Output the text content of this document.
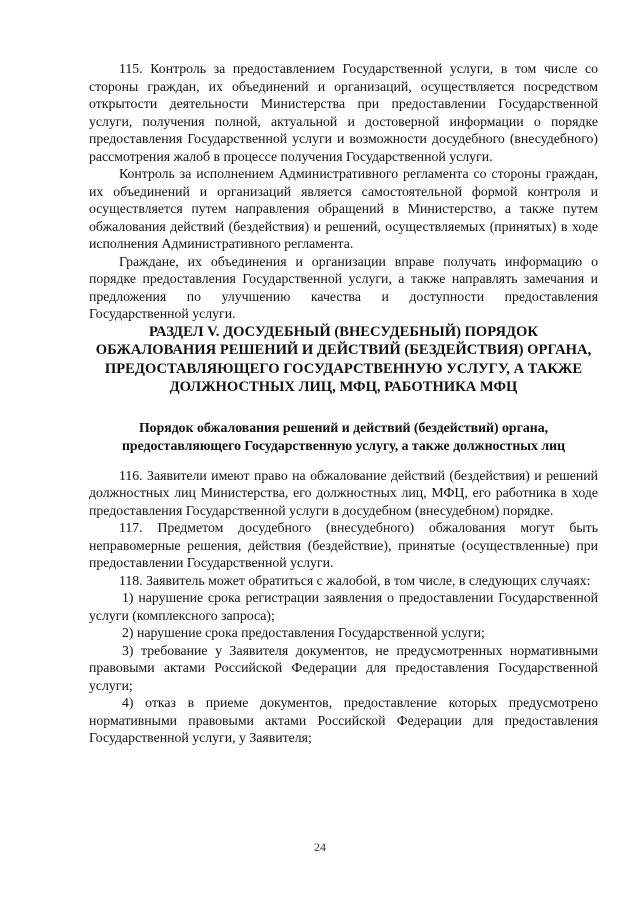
115. Контроль за предоставлением Государственной услуги, в том числе со стороны граждан, их объединений и организаций, осуществляется посредством открытости деятельности Министерства при предоставлении Государственной услуги, получения полной, актуальной и достоверной информации о порядке предоставления Государственной услуги и возможности досудебного (внесудебного) рассмотрения жалоб в процессе получения Государственной услуги.

Контроль за исполнением Административного регламента со стороны граждан, их объединений и организаций является самостоятельной формой контроля и осуществляется путем направления обращений в Министерство, а также путем обжалования действий (бездействия) и решений, осуществляемых (принятых) в ходе исполнения Административного регламента.

Граждане, их объединения и организации вправе получать информацию о порядке предоставления Государственной услуги, а также направлять замечания и предложения по улучшению качества и доступности предоставления Государственной услуги.

РАЗДЕЛ V. ДОСУДЕБНЫЙ (ВНЕСУДЕБНЫЙ) ПОРЯДОК ОБЖАЛОВАНИЯ РЕШЕНИЙ И ДЕЙСТВИЙ (БЕЗДЕЙСТВИЯ) ОРГАНА, ПРЕДОСТАВЛЯЮЩЕГО ГОСУДАРСТВЕННУЮ УСЛУГУ, А ТАКЖЕ ДОЛЖНОСТНЫХ ЛИЦ, МФЦ, РАБОТНИКА МФЦ
Порядок обжалования решений и действий (бездействий) органа, предоставляющего Государственную услугу, а также должностных лиц

116. Заявители имеют право на обжалование действий (бездействия) и решений должностных лиц Министерства, его должностных лиц, МФЦ, его работника в ходе предоставления Государственной услуги в досудебном (внесудебном) порядке.

117. Предметом досудебного (внесудебного) обжалования могут быть неправомерные решения, действия (бездействие), принятые (осуществленные) при предоставлении Государственной услуги.

118. Заявитель может обратиться с жалобой, в том числе, в следующих случаях:

1) нарушение срока регистрации заявления о предоставлении Государственной услуги (комплексного запроса);

2) нарушение срока предоставления Государственной услуги;

3) требование у Заявителя документов, не предусмотренных нормативными правовыми актами Российской Федерации для предоставления Государственной услуги;

4) отказ в приеме документов, предоставление которых предусмотрено нормативными правовыми актами Российской Федерации для предоставления Государственной услуги, у Заявителя;

24
